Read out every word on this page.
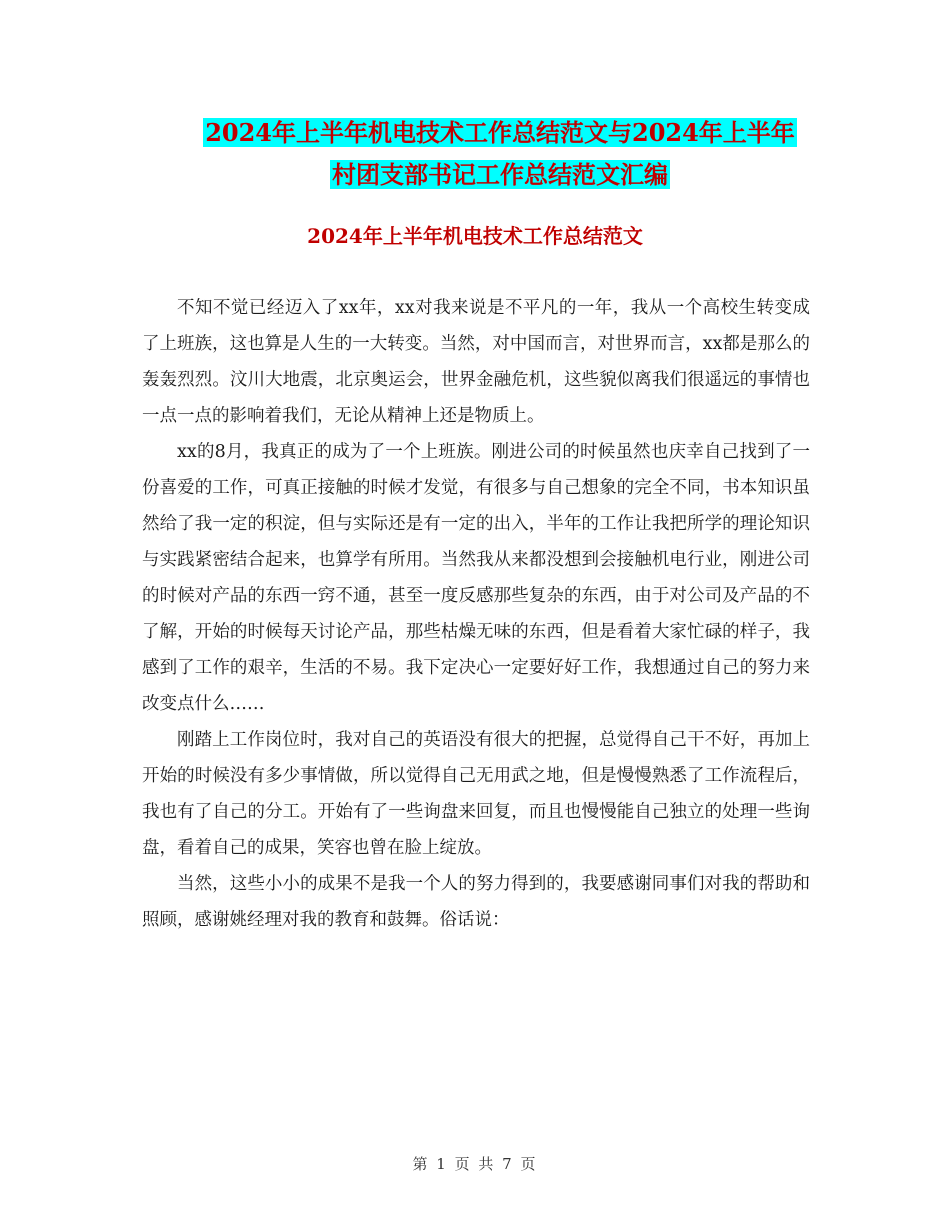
2024年上半年机电技术工作总结范文与2024年上半年
村团支部书记工作总结范文汇编
2024年上半年机电技术工作总结范文

不知不觉已经迈入了xx年，xx对我来说是不平凡的一年，我从一个高校生转变成了上班族，这也算是人生的一大转变。当然，对中国而言，对世界而言，xx都是那么的轰轰烈烈。汶川大地震，北京奥运会，世界金融危机，这些貌似离我们很遥远的事情也一点一点的影响着我们，无论从精神上还是物质上。

xx的8月，我真正的成为了一个上班族。刚进公司的时候虽然也庆幸自己找到了一份喜爱的工作，可真正接触的时候才发觉，有很多与自己想象的完全不同，书本知识虽然给了我一定的积淀，但与实际还是有一定的出入，半年的工作让我把所学的理论知识与实践紧密结合起来，也算学有所用。当然我从来都没想到会接触机电行业，刚进公司的时候对产品的东西一窍不通，甚至一度反感那些复杂的东西，由于对公司及产品的不了解，开始的时候每天讨论产品，那些枯燥无味的东西，但是看着大家忙碌的样子，我感到了工作的艰辛，生活的不易。我下定决心一定要好好工作，我想通过自己的努力来改变点什么……

刚踏上工作岗位时，我对自己的英语没有很大的把握，总觉得自己干不好，再加上开始的时候没有多少事情做，所以觉得自己无用武之地，但是慢慢熟悉了工作流程后，我也有了自己的分工。开始有了一些询盘来回复，而且也慢慢能自己独立的处理一些询盘，看着自己的成果，笑容也曾在脸上绽放。

当然，这些小小的成果不是我一个人的努力得到的，我要感谢同事们对我的帮助和照顾，感谢姚经理对我的教育和鼓舞。俗话说：

第 1 页 共 7 页
